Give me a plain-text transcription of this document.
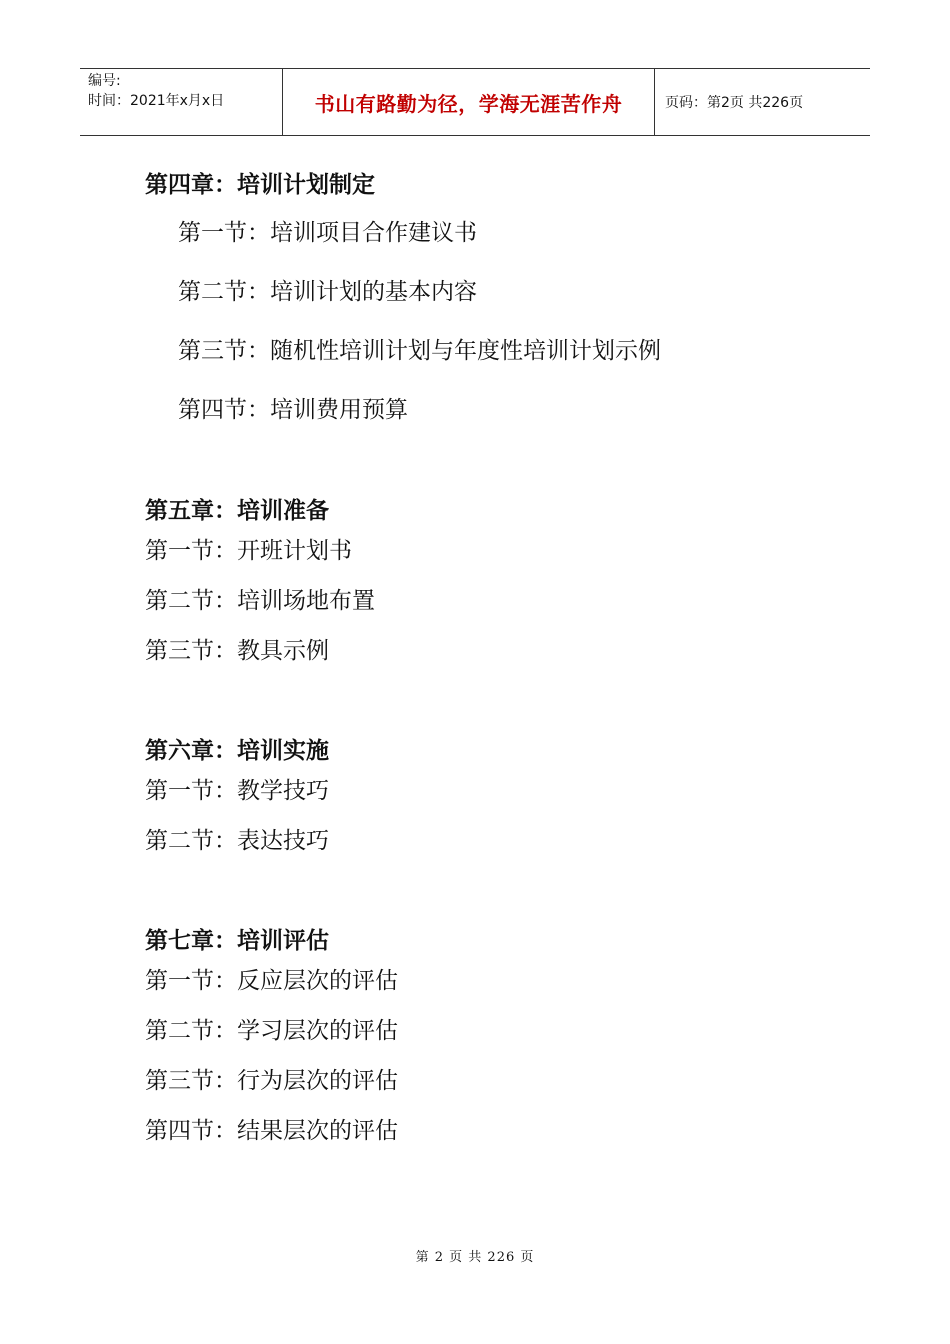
编号:
时间：2021年x月x日	书山有路勤为径，学海无涯苦作舟	页码：第2页 共226页
第四章：培训计划制定
第一节：培训项目合作建议书
第二节：培训计划的基本内容
第三节：随机性培训计划与年度性培训计划示例
第四节：培训费用预算
第五章：培训准备
第一节：开班计划书
第二节：培训场地布置
第三节：教具示例
第六章：培训实施
第一节：教学技巧
第二节：表达技巧
第七章：培训评估
第一节：反应层次的评估
第二节：学习层次的评估
第三节：行为层次的评估
第四节：结果层次的评估
第 2 页 共 226 页
